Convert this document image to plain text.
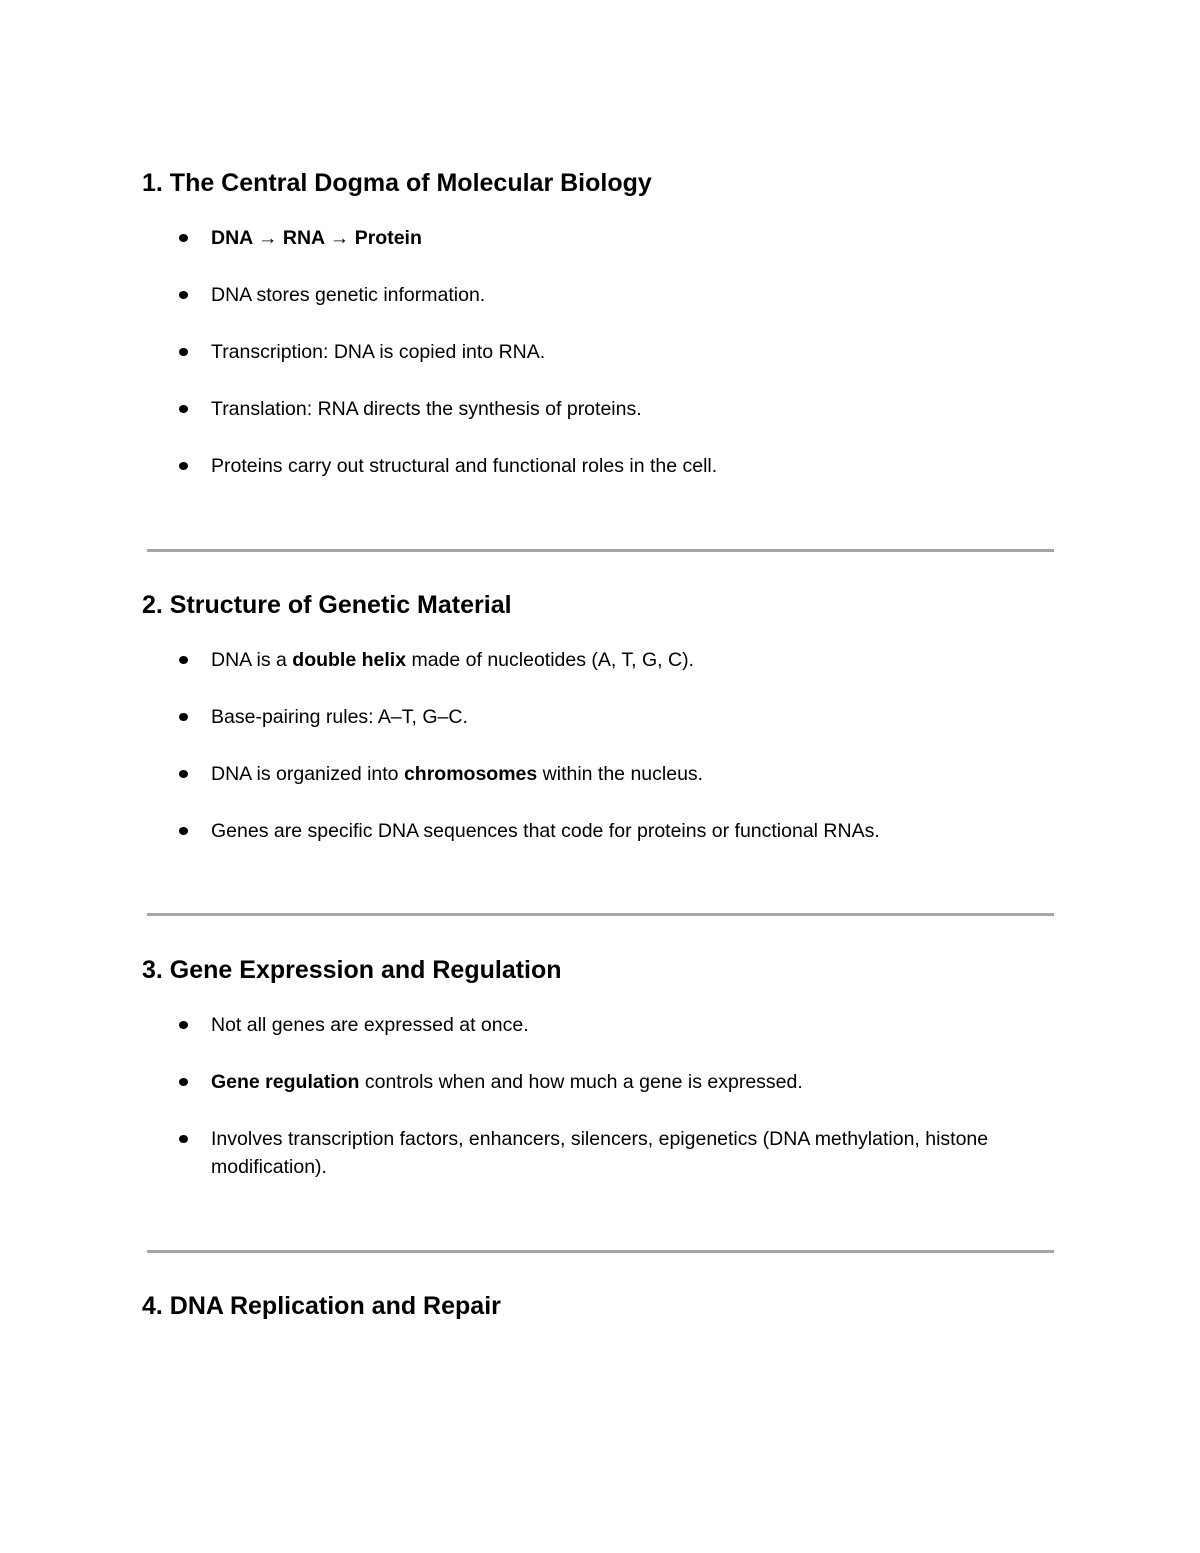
1. The Central Dogma of Molecular Biology
DNA → RNA → Protein
DNA stores genetic information.
Transcription: DNA is copied into RNA.
Translation: RNA directs the synthesis of proteins.
Proteins carry out structural and functional roles in the cell.
2. Structure of Genetic Material
DNA is a double helix made of nucleotides (A, T, G, C).
Base-pairing rules: A–T, G–C.
DNA is organized into chromosomes within the nucleus.
Genes are specific DNA sequences that code for proteins or functional RNAs.
3. Gene Expression and Regulation
Not all genes are expressed at once.
Gene regulation controls when and how much a gene is expressed.
Involves transcription factors, enhancers, silencers, epigenetics (DNA methylation, histone modification).
4. DNA Replication and Repair
